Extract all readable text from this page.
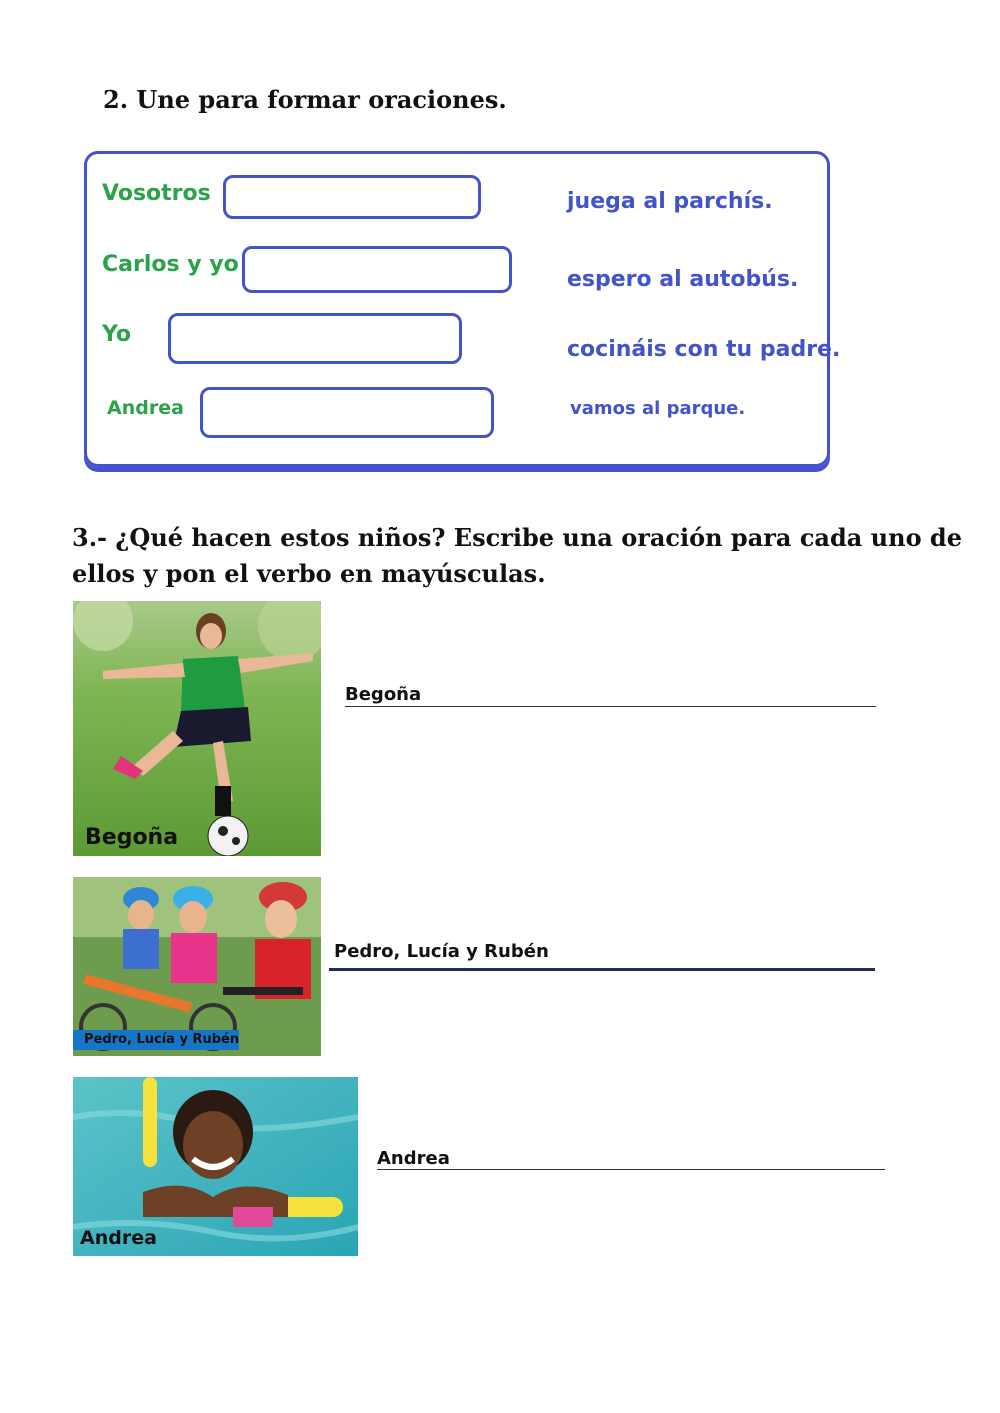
2. Une para formar oraciones.
Vosotros
Carlos y yo
Yo
Andrea
juega al parchís.
espero al autobús.
cocináis con tu padre.
vamos al parque.
3.- ¿Qué hacen estos niños? Escribe una oración para cada uno de
ellos y pon el verbo en mayúsculas.
Begoña
Begoña
Pedro, Lucía y Rubén
Pedro, Lucía y Rubén
Andrea
Andrea
